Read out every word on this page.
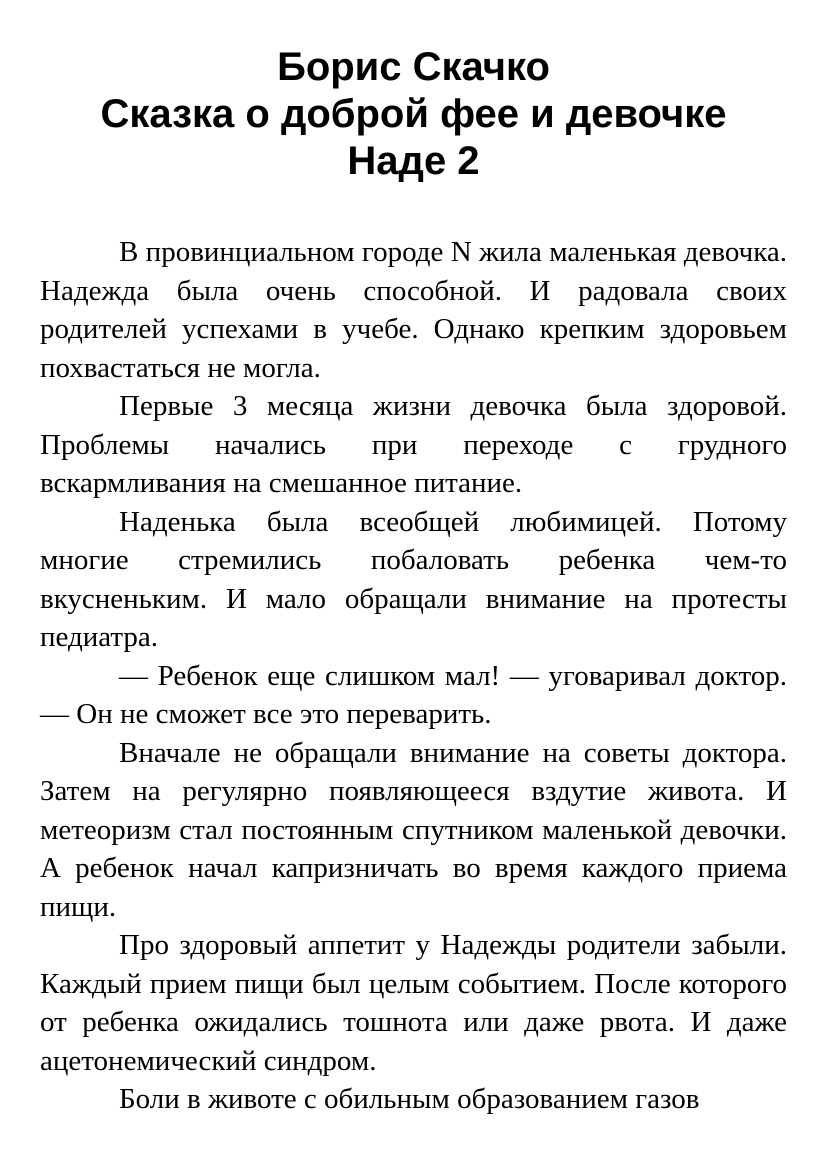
Борис Скачко
Сказка о доброй фее и девочке
Наде 2

В провинциальном городе N жила маленькая девочка. Надежда была очень способной. И радовала своих родителей успехами в учебе. Однако крепким здоровьем похвастаться не могла.

Первые 3 месяца жизни девочка была здоровой. Проблемы начались при переходе с грудного вскармливания на смешанное питание.

Наденька была всеобщей любимицей. Потому многие стремились побаловать ребенка чем-то вкусненьким. И мало обращали внимание на протесты педиатра.

— Ребенок еще слишком мал! — уговаривал доктор. — Он не сможет все это переварить.

Вначале не обращали внимание на советы доктора. Затем на регулярно появляющееся вздутие живота. И метеоризм стал постоянным спутником маленькой девочки. А ребенок начал капризничать во время каждого приема пищи.

Про здоровый аппетит у Надежды родители забыли. Каждый прием пищи был целым событием. После которого от ребенка ожидались тошнота или даже рвота. И даже ацетонемический синдром.

Боли в животе с обильным образованием газов
